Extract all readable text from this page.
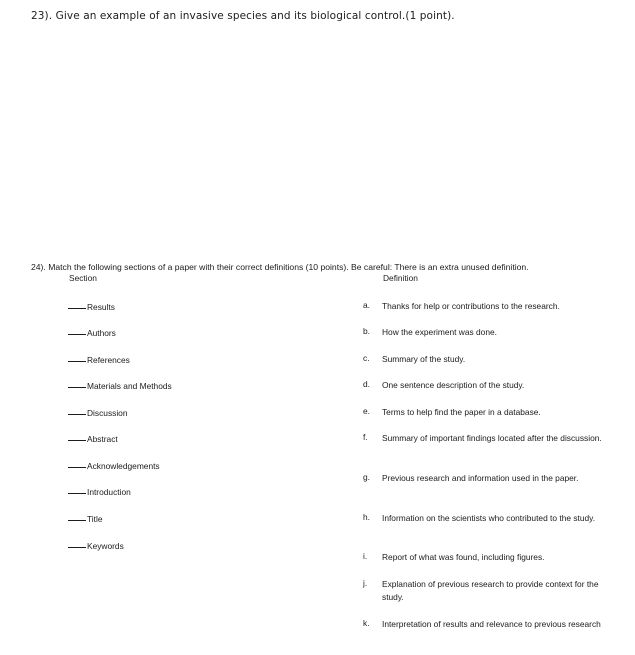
23). Give an example of an invasive species and its biological control.(1 point).
24). Match the following sections of a paper with their correct definitions (10 points). Be careful: There is an extra unused definition.
Section	Definition
Results
Authors
References
Materials and Methods
Discussion
Abstract
Acknowledgements
Introduction
Title
Keywords
a.	Thanks for help or contributions to the research.
b.	How the experiment was done.
c.	Summary of the study.
d.	One sentence description of the study.
e.	Terms to help find the paper in a database.
f.	Summary of important findings located after the discussion.
g.	Previous research and information used in the paper.
h.	Information on the scientists who contributed to the study.
i.	Report of what was found, including figures.
j.	Explanation of previous research to provide context for the study.
k.	Interpretation of results and relevance to previous research
